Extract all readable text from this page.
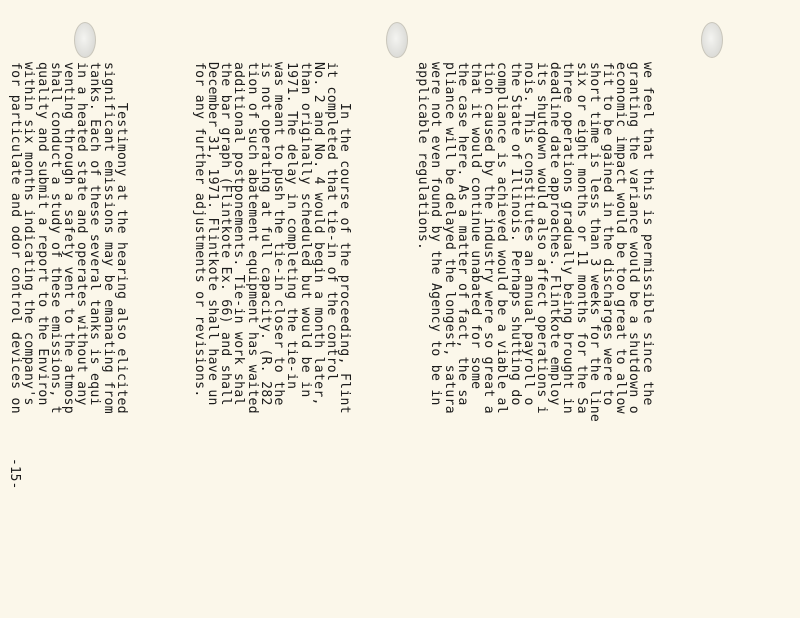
we feel that this is permissible since the
granting the variance would be a shutdown o
economic impact would be too great to allow
fit to be gained in the discharges were to
short time is less than 3 weeks for the line
six or eight months or 11 months for the Sa
three operations gradually being brought in
deadline date approaches. Flintkote employ
its shutdown would also affect operations i
nois. This constitutes an annual payroll o
the State of Illinois. Perhaps shutting do
compliance is achieved would be a viable al
tion caused by the industry were so great a
that it would continue unabated for some
the case here. As a matter of fact, the sa
pliance will be delayed the longest, satura
were not even found by the Agency to be in
applicable regulations.

In the course of the proceeding, Flint
it completed that tie-in of the control
No. 2 and No. 4 would begin a month later,
than originally scheduled but would be in
1971. The delay in completing the tie-in
was meant to push the tie-in closer to the
is not operating at full capacity. (R. 282
tion of such abatement equipment has waited
additional postponements. Tie-in work shal
the bar graph (Flintkote Ex. 66) and shall
December 31, 1971. Flintkote shall have un
for any further adjustments or revisions.

Testimony at the hearing also elicited
significant emissions may be emanating from
tanks. Each of these several tanks is equi
in a heated state and operates without any
venting through a safety vent to the atmosp
shall conduct a study of these emissions, t
quality and submit a report to the Environ
within six months indicating the company's
for particulate and odor control devices on

-15-
